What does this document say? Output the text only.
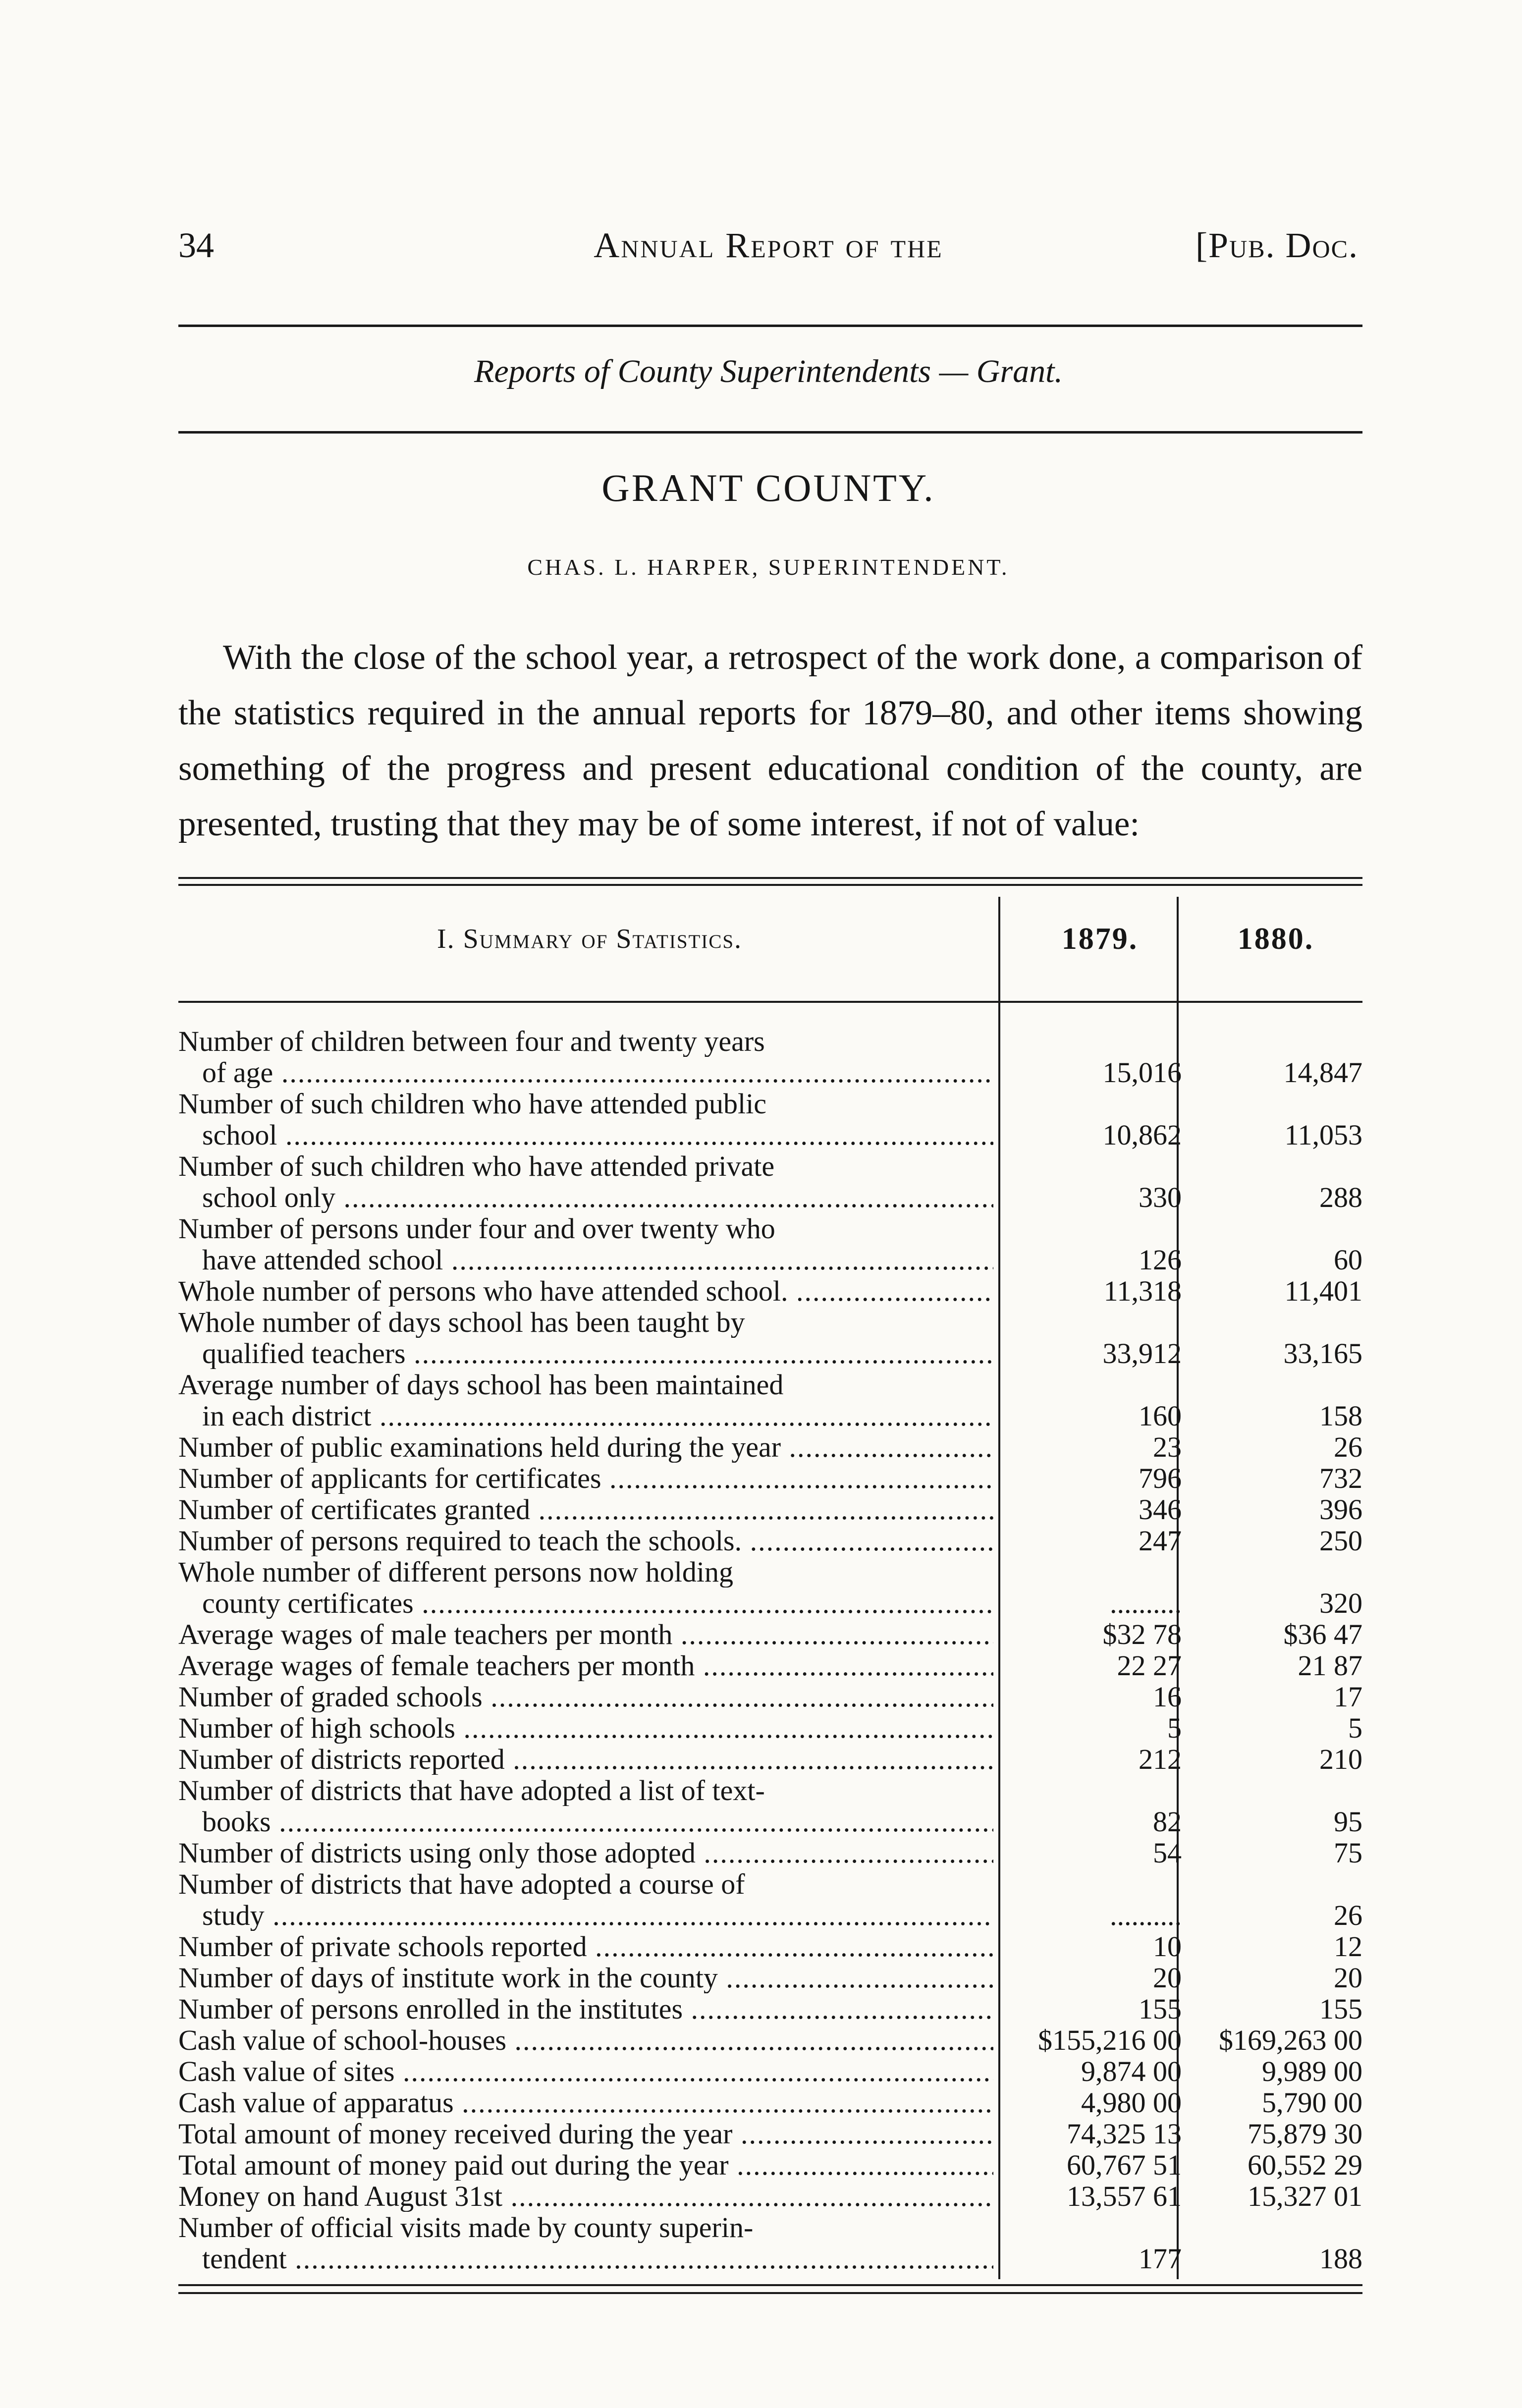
34	Annual Report of the	[Pub. Doc.
Reports of County Superintendents — Grant.
GRANT COUNTY.
CHAS. L. HARPER, SUPERINTENDENT.

With the close of the school year, a retrospect of the work done, a comparison of the statistics required in the annual reports for 1879–80, and other items showing something of the progress and present educational condition of the county, are presented, trusting that they may be of some interest, if not of value:

I. Summary of Statistics.	1879.	1880.
Number of children between four and twenty years
of age .....	15,016	14,847
Number of such children who have attended public
school .....	10,862	11,053
Number of such children who have attended private
school only .....	330	288
Number of persons under four and over twenty who
have attended school .....	126	60
Whole number of persons who have attended school. .....	11,318	11,401
Whole number of days school has been taught by
qualified teachers .....	33,912	33,165
Average number of days school has been maintained
in each district .....	160	158
Number of public examinations held during the year .....	23	26
Number of applicants for certificates .....	796	732
Number of certificates granted .....	346	396
Number of persons required to teach the schools. .....	247	250
Whole number of different persons now holding
county certificates .....	..........	320
Average wages of male teachers per month .....	$32 78	$36 47
Average wages of female teachers per month .....	22 27	21 87
Number of graded schools .....	16	17
Number of high schools .....	5	5
Number of districts reported .....	212	210
Number of districts that have adopted a list of text-
books .....	82	95
Number of districts using only those adopted .....	54	75
Number of districts that have adopted a course of
study .....	..........	26
Number of private schools reported .....	10	12
Number of days of institute work in the county .....	20	20
Number of persons enrolled in the institutes .....	155	155
Cash value of school-houses .....	$155,216 00	$169,263 00
Cash value of sites .....	9,874 00	9,989 00
Cash value of apparatus .....	4,980 00	5,790 00
Total amount of money received during the year .....	74,325 13	75,879 30
Total amount of money paid out during the year .....	60,767 51	60,552 29
Money on hand August 31st .....	13,557 61	15,327 01
Number of official visits made by county superin-
tendent .....	177	188
